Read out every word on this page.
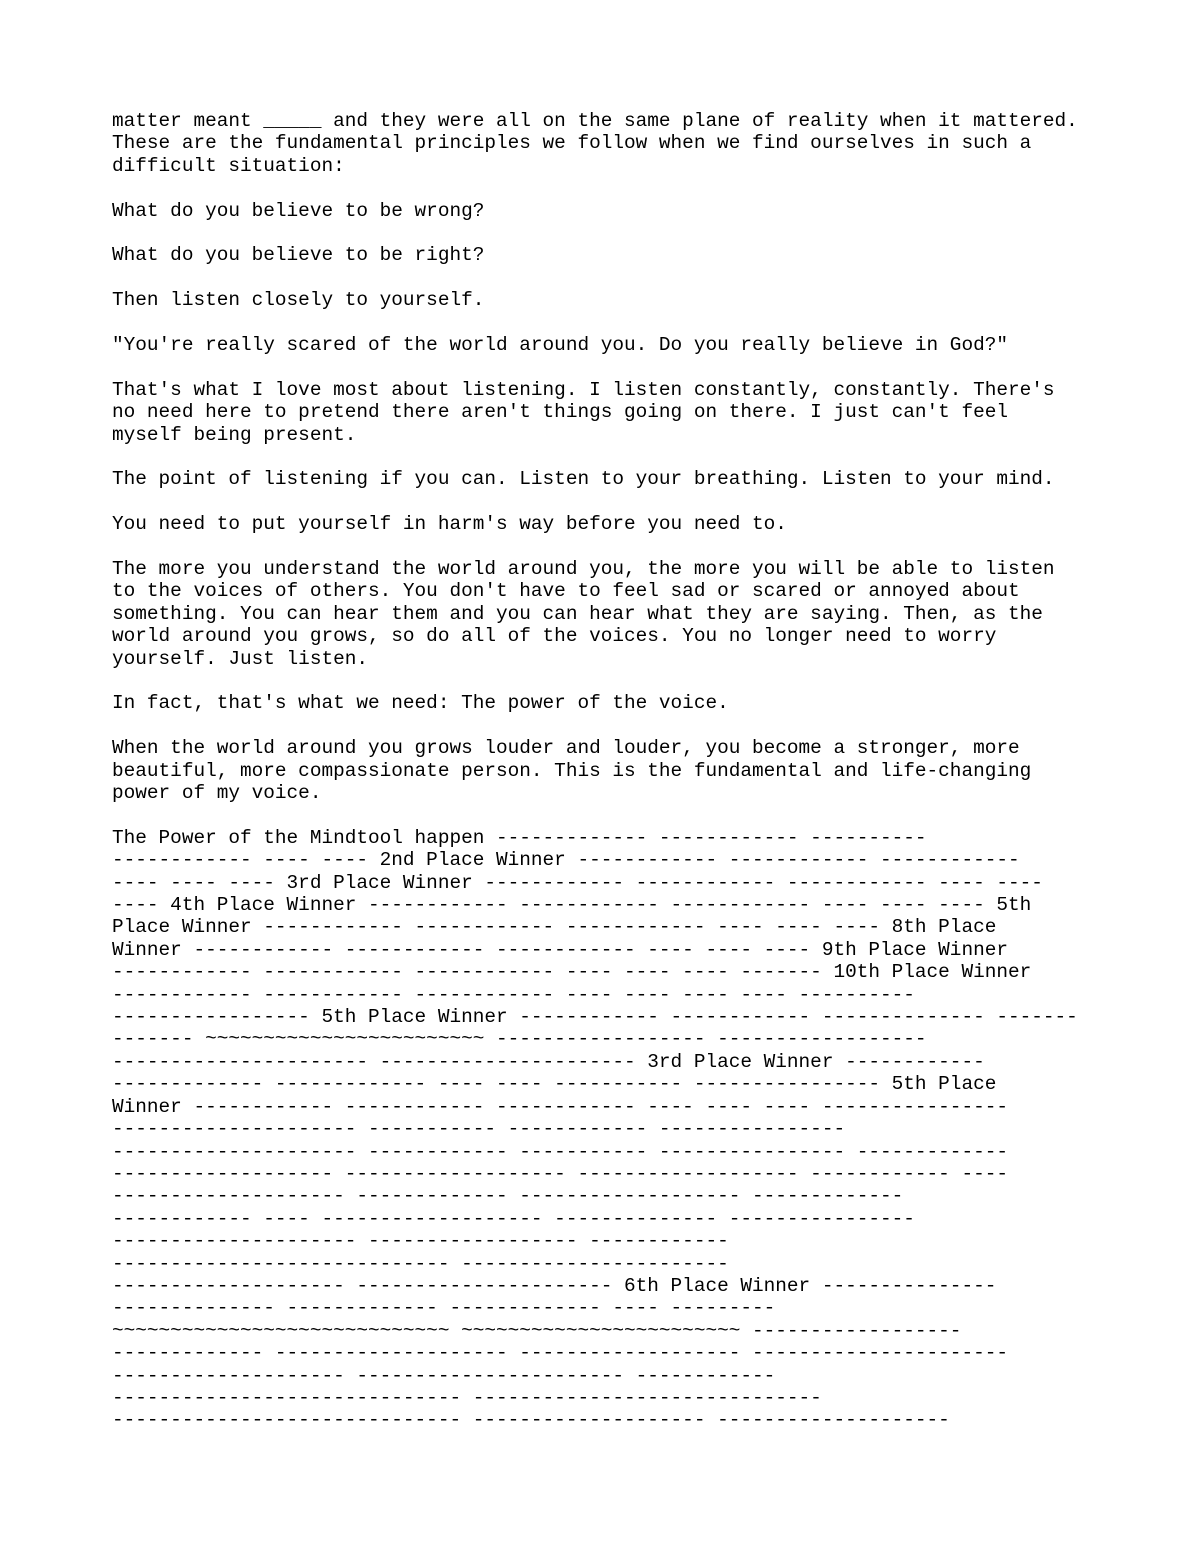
matter meant _____ and they were all on the same plane of reality when it mattered.
These are the fundamental principles we follow when we find ourselves in such a
difficult situation:

What do you believe to be wrong?

What do you believe to be right?

Then listen closely to yourself.

"You're really scared of the world around you. Do you really believe in God?"

That's what I love most about listening. I listen constantly, constantly. There's
no need here to pretend there aren't things going on there. I just can't feel
myself being present.

The point of listening if you can. Listen to your breathing. Listen to your mind.

You need to put yourself in harm's way before you need to.

The more you understand the world around you, the more you will be able to listen
to the voices of others. You don't have to feel sad or scared or annoyed about
something. You can hear them and you can hear what they are saying. Then, as the
world around you grows, so do all of the voices. You no longer need to worry
yourself. Just listen.

In fact, that's what we need: The power of the voice.

When the world around you grows louder and louder, you become a stronger, more
beautiful, more compassionate person. This is the fundamental and life-changing
power of my voice.

The Power of the Mindtool happen ------------- ------------ ----------
------------ ---- ---- 2nd Place Winner ------------ ------------ ------------
---- ---- ---- 3rd Place Winner ------------ ------------ ------------ ---- ----
---- 4th Place Winner ------------ ------------ ------------ ---- ---- ---- 5th
Place Winner ------------ ------------ ------------ ---- ---- ---- 8th Place
Winner ------------ ------------ ------------ ---- ---- ---- 9th Place Winner
------------ ------------ ------------ ---- ---- ---- ------- 10th Place Winner
------------ ------------ ------------ ---- ---- ---- ---- ----------
----------------- 5th Place Winner ------------ ------------ -------------- -------
------- ~~~~~~~~~~~~~~~~~~~~~~~~ ------------------ ------------------
---------------------- ---------------------- 3rd Place Winner ------------
------------- ------------- ---- ---- ----------- ---------------- 5th Place
Winner ------------ ------------ ------------ ---- ---- ---- ----------------
--------------------- ----------- ------------ ----------------
--------------------- ------------ ----------- ---------------- -------------
------------------- ------------------- ------------------- ------------ ----
-------------------- ------------- ------------------- -------------
------------ ---- ------------------- -------------- ----------------
--------------------- ------------------ ------------
----------------------------- -----------------------
-------------------- ---------------------- 6th Place Winner ---------------
-------------- ------------- ------------- ---- ---------
~~~~~~~~~~~~~~~~~~~~~~~~~~~~~ ~~~~~~~~~~~~~~~~~~~~~~~~ ------------------
------------- -------------------- ------------------- ----------------------
-------------------- ----------------------- ------------
------------------------------ ------------------------------
------------------------------ -------------------- --------------------
